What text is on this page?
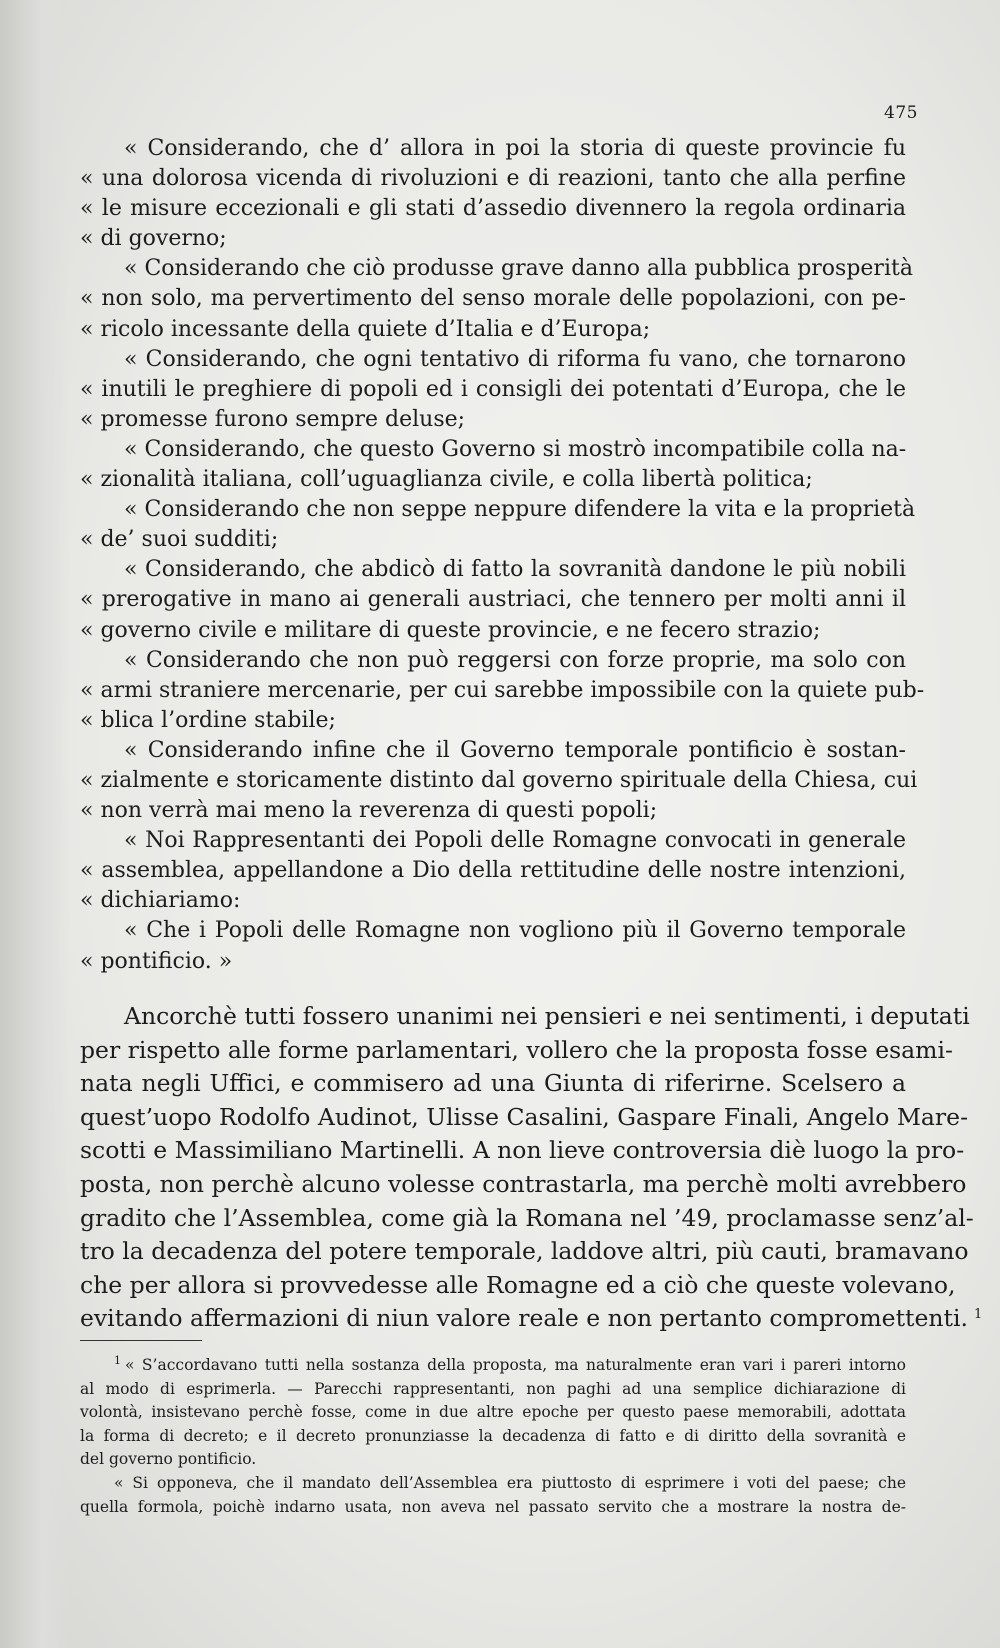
475
« Considerando, che d’ allora in poi la storia di queste provincie fu
« una dolorosa vicenda di rivoluzioni e di reazioni, tanto che alla perfine
« le misure eccezionali e gli stati d’assedio divennero la regola ordinaria
« di governo;
« Considerando che ciò produsse grave danno alla pubblica prosperità
« non solo, ma pervertimento del senso morale delle popolazioni, con pe-
« ricolo incessante della quiete d’Italia e d’Europa;
« Considerando, che ogni tentativo di riforma fu vano, che tornarono
« inutili le preghiere di popoli ed i consigli dei potentati d’Europa, che le
« promesse furono sempre deluse;
« Considerando, che questo Governo si mostrò incompatibile colla na-
« zionalità italiana, coll’uguaglianza civile, e colla libertà politica;
« Considerando che non seppe neppure difendere la vita e la proprietà
« de’ suoi sudditi;
« Considerando, che abdicò di fatto la sovranità dandone le più nobili
« prerogative in mano ai generali austriaci, che tennero per molti anni il
« governo civile e militare di queste provincie, e ne fecero strazio;
« Considerando che non può reggersi con forze proprie, ma solo con
« armi straniere mercenarie, per cui sarebbe impossibile con la quiete pub-
« blica l’ordine stabile;
« Considerando infine che il Governo temporale pontificio è sostan-
« zialmente e storicamente distinto dal governo spirituale della Chiesa, cui
« non verrà mai meno la reverenza di questi popoli;
« Noi Rappresentanti dei Popoli delle Romagne convocati in generale
« assemblea, appellandone a Dio della rettitudine delle nostre intenzioni,
« dichiariamo:
« Che i Popoli delle Romagne non vogliono più il Governo temporale
« pontificio. »
Ancorchè tutti fossero unanimi nei pensieri e nei sentimenti, i deputati
per rispetto alle forme parlamentari, vollero che la proposta fosse esami-
nata negli Uffici, e commisero ad una Giunta di riferirne. Scelsero a
quest’uopo Rodolfo Audinot, Ulisse Casalini, Gaspare Finali, Angelo Mare-
scotti e Massimiliano Martinelli. A non lieve controversia diè luogo la pro-
posta, non perchè alcuno volesse contrastarla, ma perchè molti avrebbero
gradito che l’Assemblea, come già la Romana nel ’49, proclamasse senz’al-
tro la decadenza del potere temporale, laddove altri, più cauti, bramavano
che per allora si provvedesse alle Romagne ed a ciò che queste volevano,
evitando affermazioni di niun valore reale e non pertanto compromettenti. $^1$
$^1$ « S’accordavano tutti nella sostanza della proposta, ma naturalmente eran vari i pareri intorno
al modo di esprimerla. — Parecchi rappresentanti, non paghi ad una semplice dichiarazione di
volontà, insistevano perchè fosse, come in due altre epoche per questo paese memorabili, adottata
la forma di decreto; e il decreto pronunziasse la decadenza di fatto e di diritto della sovranità e
del governo pontificio.
« Si opponeva, che il mandato dell’Assemblea era piuttosto di esprimere i voti del paese; che
quella formola, poichè indarno usata, non aveva nel passato servito che a mostrare la nostra de-
